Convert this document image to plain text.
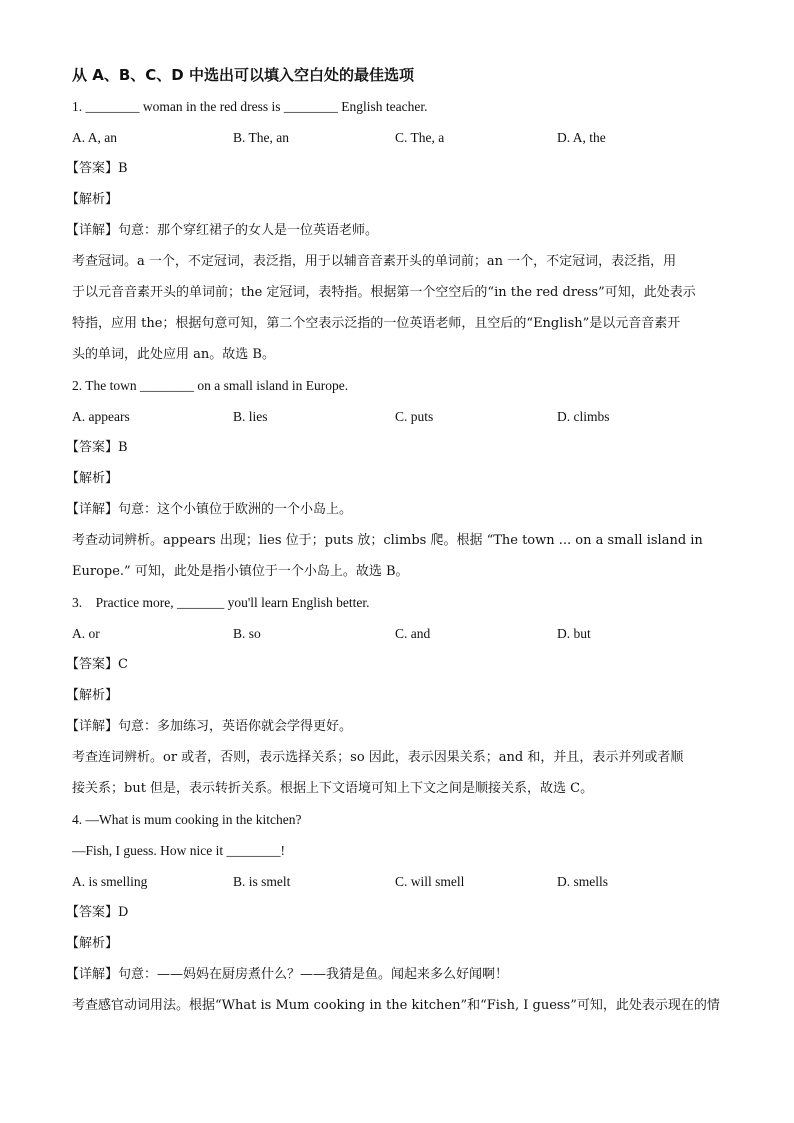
从 A、B、C、D 中选出可以填入空白处的最佳选项
1. ________ woman in the red dress is ________ English teacher.
A. A, an	B. The, an	C. The, a	D. A, the
【答案】B
【解析】
【详解】句意：那个穿红裙子的女人是一位英语老师。
考查冠词。a 一个，不定冠词，表泛指，用于以辅音音素开头的单词前；an 一个，不定冠词，表泛指，用
于以元音音素开头的单词前；the 定冠词，表特指。根据第一个空空后的“in the red dress”可知，此处表示
特指，应用 the；根据句意可知，第二个空表示泛指的一位英语老师，且空后的“English”是以元音音素开
头的单词，此处应用 an。故选 B。
2. The town ________ on a small island in Europe.
A. appears	B. lies	C. puts	D. climbs
【答案】B
【解析】
【详解】句意：这个小镇位于欧洲的一个小岛上。
考查动词辨析。appears 出现；lies 位于；puts 放；climbs 爬。根据 “The town ... on a small island in
Europe.” 可知，此处是指小镇位于一个小岛上。故选 B。
3.    Practice more, _______ you'll learn English better.
A. or	B. so	C. and	D. but
【答案】C
【解析】
【详解】句意：多加练习，英语你就会学得更好。
考查连词辨析。or 或者，否则，表示选择关系；so 因此，表示因果关系；and 和，并且，表示并列或者顺
接关系；but 但是，表示转折关系。根据上下文语境可知上下文之间是顺接关系，故选 C。
4. —What is mum cooking in the kitchen?
—Fish, I guess. How nice it ________!
A. is smelling	B. is smelt	C. will smell	D. smells
【答案】D
【解析】
【详解】句意：——妈妈在厨房煮什么？——我猜是鱼。闻起来多么好闻啊！
考查感官动词用法。根据“What is Mum cooking in the kitchen”和“Fish, I guess”可知，此处表示现在的情
